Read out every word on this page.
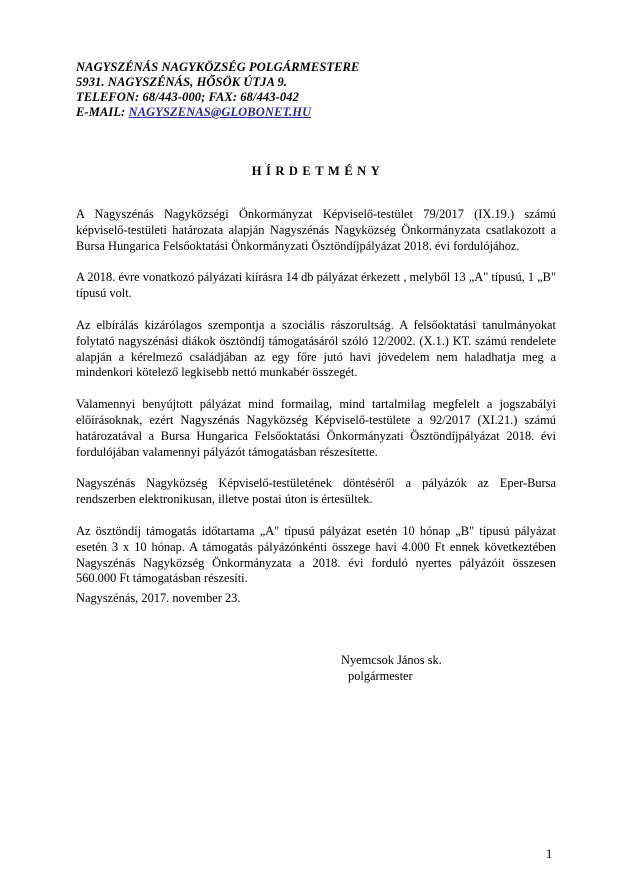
NAGYSZÉNÁS NAGYKÖZSÉG POLGÁRMESTERE
5931. NAGYSZÉNÁS, HŐSÖK ÚTJA 9.
TELEFON: 68/443-000; FAX: 68/443-042
E-MAIL: NAGYSZENAS@GLOBONET.HU
HÍRDETMÉNY

A Nagyszénás Nagyközségi Önkormányzat Képviselő-testület 79/2017 (IX.19.) számú képviselő-testületi határozata alapján Nagyszénás Nagyközség Önkormányzata csatlakozott a Bursa Hungarica Felsőoktatási Önkormányzati Ösztöndíjpályázat 2018. évi fordulójához.

A 2018. évre vonatkozó pályázati kiírásra 14 db pályázat érkezett , melyből 13 „A" típusú, 1 „B" típusú volt.

Az elbírálás kizárólagos szempontja a szociális rászorultság. A felsőoktatási tanulmányokat folytató nagyszénási diákok ösztöndíj támogatásáról szóló 12/2002. (X.1.) KT. számú rendelete alapján a kérelmező családjában az egy főre jutó havi jövedelem nem haladhatja meg a mindenkori kötelező legkisebb nettó munkabér összegét.

Valamennyi benyújtott pályázat mind formailag, mind tartalmilag megfelelt a jogszabályi előírásoknak, ezért Nagyszénás Nagyközség Képviselő-testülete a 92/2017 (XI.21.) számú határozatával a Bursa Hungarica Felsőoktatási Önkormányzati Ösztöndíjpályázat 2018. évi fordulójában valamennyi pályázót támogatásban részesítette.

Nagyszénás Nagyközség Képviselő-testületének döntéséről a pályázók az Eper-Bursa rendszerben elektronikusan, illetve postai úton is értesültek.

Az ösztöndíj támogatás időtartama „A" típusú pályázat esetén 10 hónap „B" típusú pályázat esetén 3 x 10 hónap. A támogatás pályázónkénti összege havi 4.000 Ft ennek következtében Nagyszénás Nagyközség Önkormányzata a 2018. évi forduló nyertes pályázóit összesen 560.000 Ft támogatásban részesíti.

Nagyszénás, 2017. november 23.
Nyemcsok János sk.
polgármester
1
